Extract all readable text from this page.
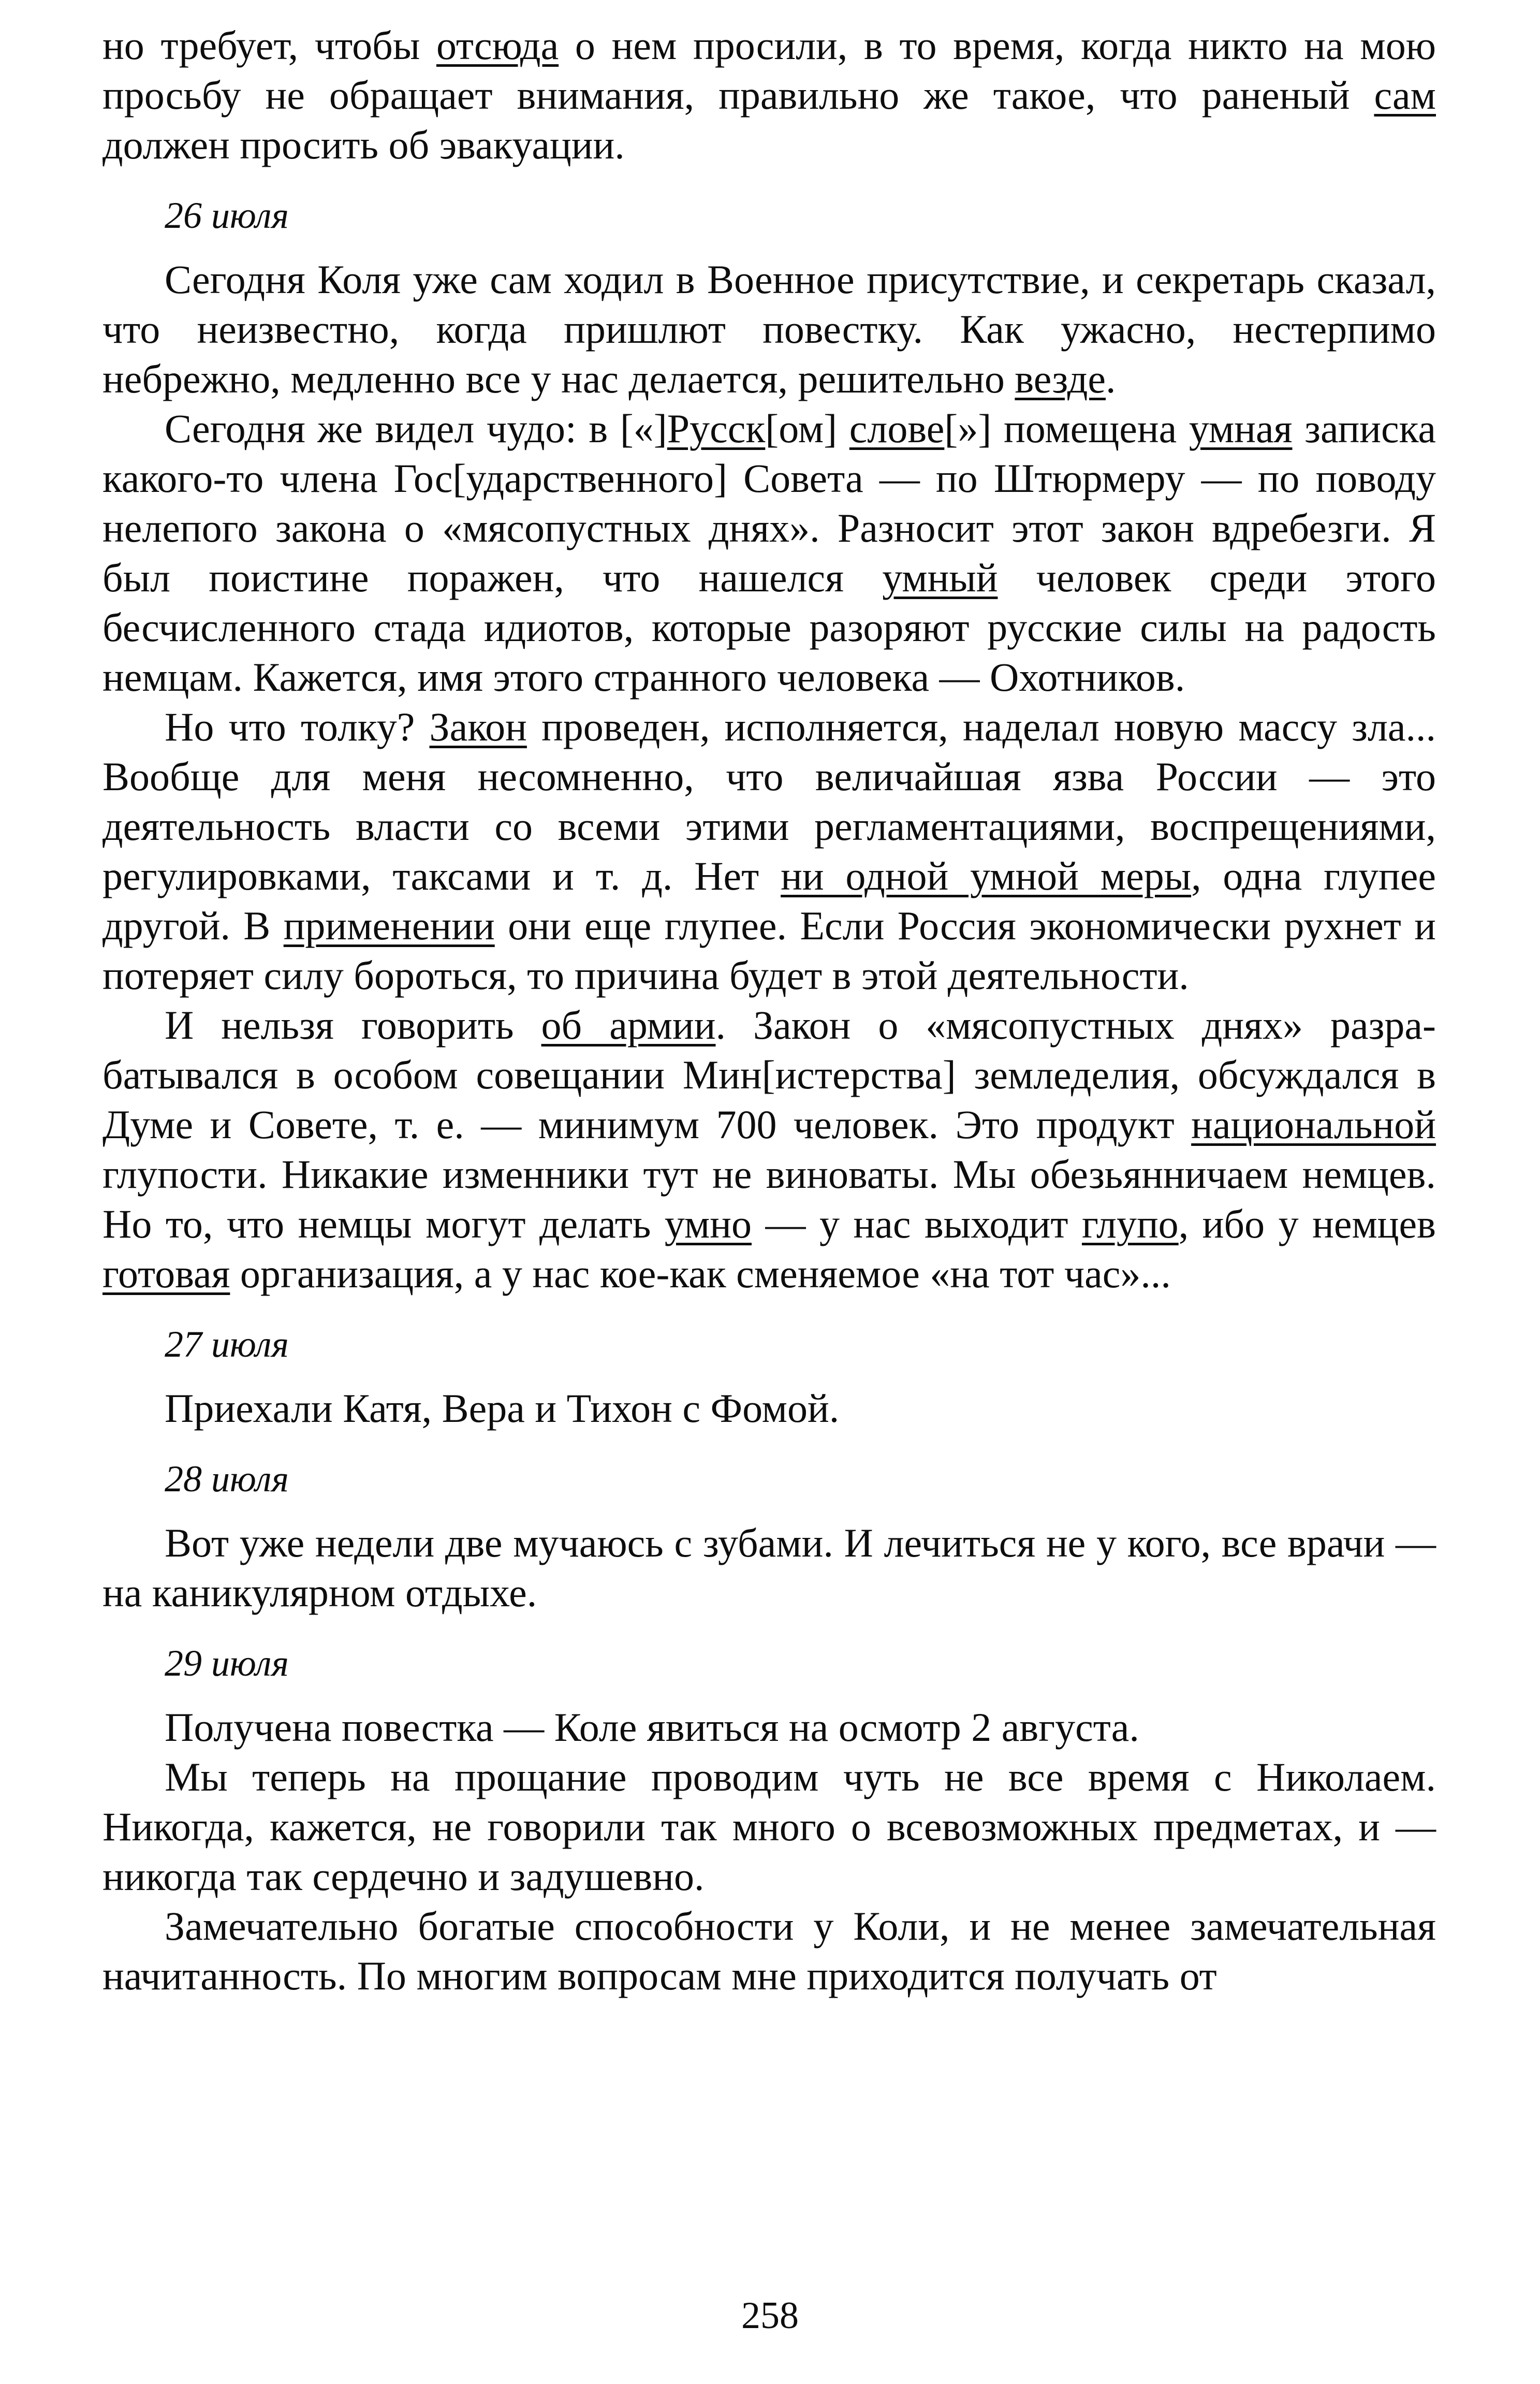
но требует, чтобы отсюда о нем просили, в то время, когда никто на мою просьбу не обращает внимания, правильно же такое, что раненый сам должен просить об эвакуации.

26 июля

Сегодня Коля уже сам ходил в Военное присутствие, и секретарь сказал, что неизвестно, когда пришлют повестку. Как ужасно, нестерпимо небрежно, медленно все у нас делается, решительно везде.

Сегодня же видел чудо: в [«]Русск[ом] слове[»] помещена умная записка какого-то члена Гос[ударственного] Совета — по Штюрмеру — по поводу нелепого закона о «мясопустных днях». Разносит этот закон вдребезги. Я был поистине поражен, что нашелся умный человек среди этого бесчисленного стада идиотов, которые разоряют русские силы на радость немцам. Кажется, имя этого странного человека — Охотников.

Но что толку? Закон проведен, исполняется, наделал новую массу зла... Вообще для меня несомненно, что величайшая язва России — это деятельность власти со всеми этими регламентациями, воспрещениями, регулировками, таксами и т. д. Нет ни одной умной меры, одна глупее другой. В применении они еще глупее. Если Россия экономически рухнет и потеряет силу бороться, то причина будет в этой деятельности.

И нельзя говорить об армии. Закон о «мясопустных днях» разрабатывался в особом совещании Мин[истерства] земледелия, обсуждался в Думе и Совете, т. е. — минимум 700 человек. Это продукт национальной глупости. Никакие изменники тут не виноваты. Мы обезьянничаем немцев. Но то, что немцы могут делать умно — у нас выходит глупо, ибо у немцев готовая организация, а у нас кое-как сменяемое «на тот час»...

27 июля

Приехали Катя, Вера и Тихон с Фомой.

28 июля

Вот уже недели две мучаюсь с зубами. И лечиться не у кого, все врачи — на каникулярном отдыхе.

29 июля

Получена повестка — Коле явиться на осмотр 2 августа.

Мы теперь на прощание проводим чуть не все время с Николаем. Никогда, кажется, не говорили так много о всевозможных предметах, и — никогда так сердечно и задушевно.

Замечательно богатые способности у Коли, и не менее замечательная начитанность. По многим вопросам мне приходится получать от

258
